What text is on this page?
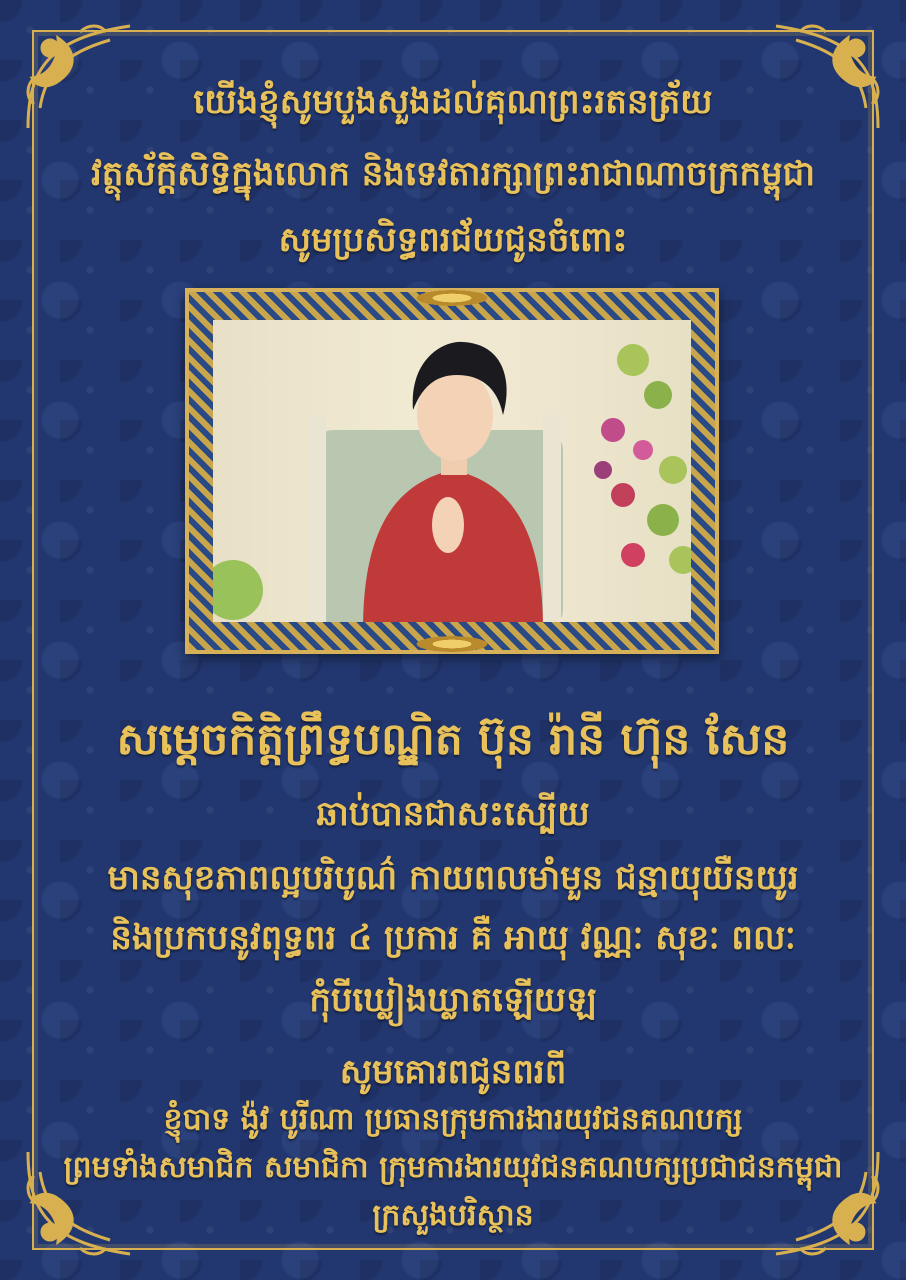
យើងខ្ញុំសូមបួងសួងដល់គុណព្រះរតនត្រ័យ
វត្ថុស័ក្តិសិទ្ធិក្នុងលោក និងទេវតារក្សាព្រះរាជាណាចក្រកម្ពុជា
សូមប្រសិទ្ធពរជ័យជូនចំពោះ
សម្តេចកិត្តិព្រឹទ្ធបណ្ឌិត ប៊ុន រ៉ានី ហ៊ុន សែន
ឆាប់បានជាសះស្បើយ
មានសុខភាពល្អបរិបូណ៌ កាយពលមាំមួន ជន្មាយុយឺនយូរ
និងប្រកបនូវពុទ្ធពរ ៤ ប្រការ គឺ អាយុ វណ្ណៈ សុខៈ ពលៈ
កុំបីឃ្លៀងឃ្លាតឡើយឡ
សូមគោរពជូនពរពី
ខ្ញុំបាទ ង៉ូវ បូរីណា ប្រធានក្រុមការងារយុវជនគណបក្ស
ព្រមទាំងសមាជិក សមាជិកា ក្រុមការងារយុវជនគណបក្សប្រជាជនកម្ពុជា
ក្រសួងបរិស្ថាន
